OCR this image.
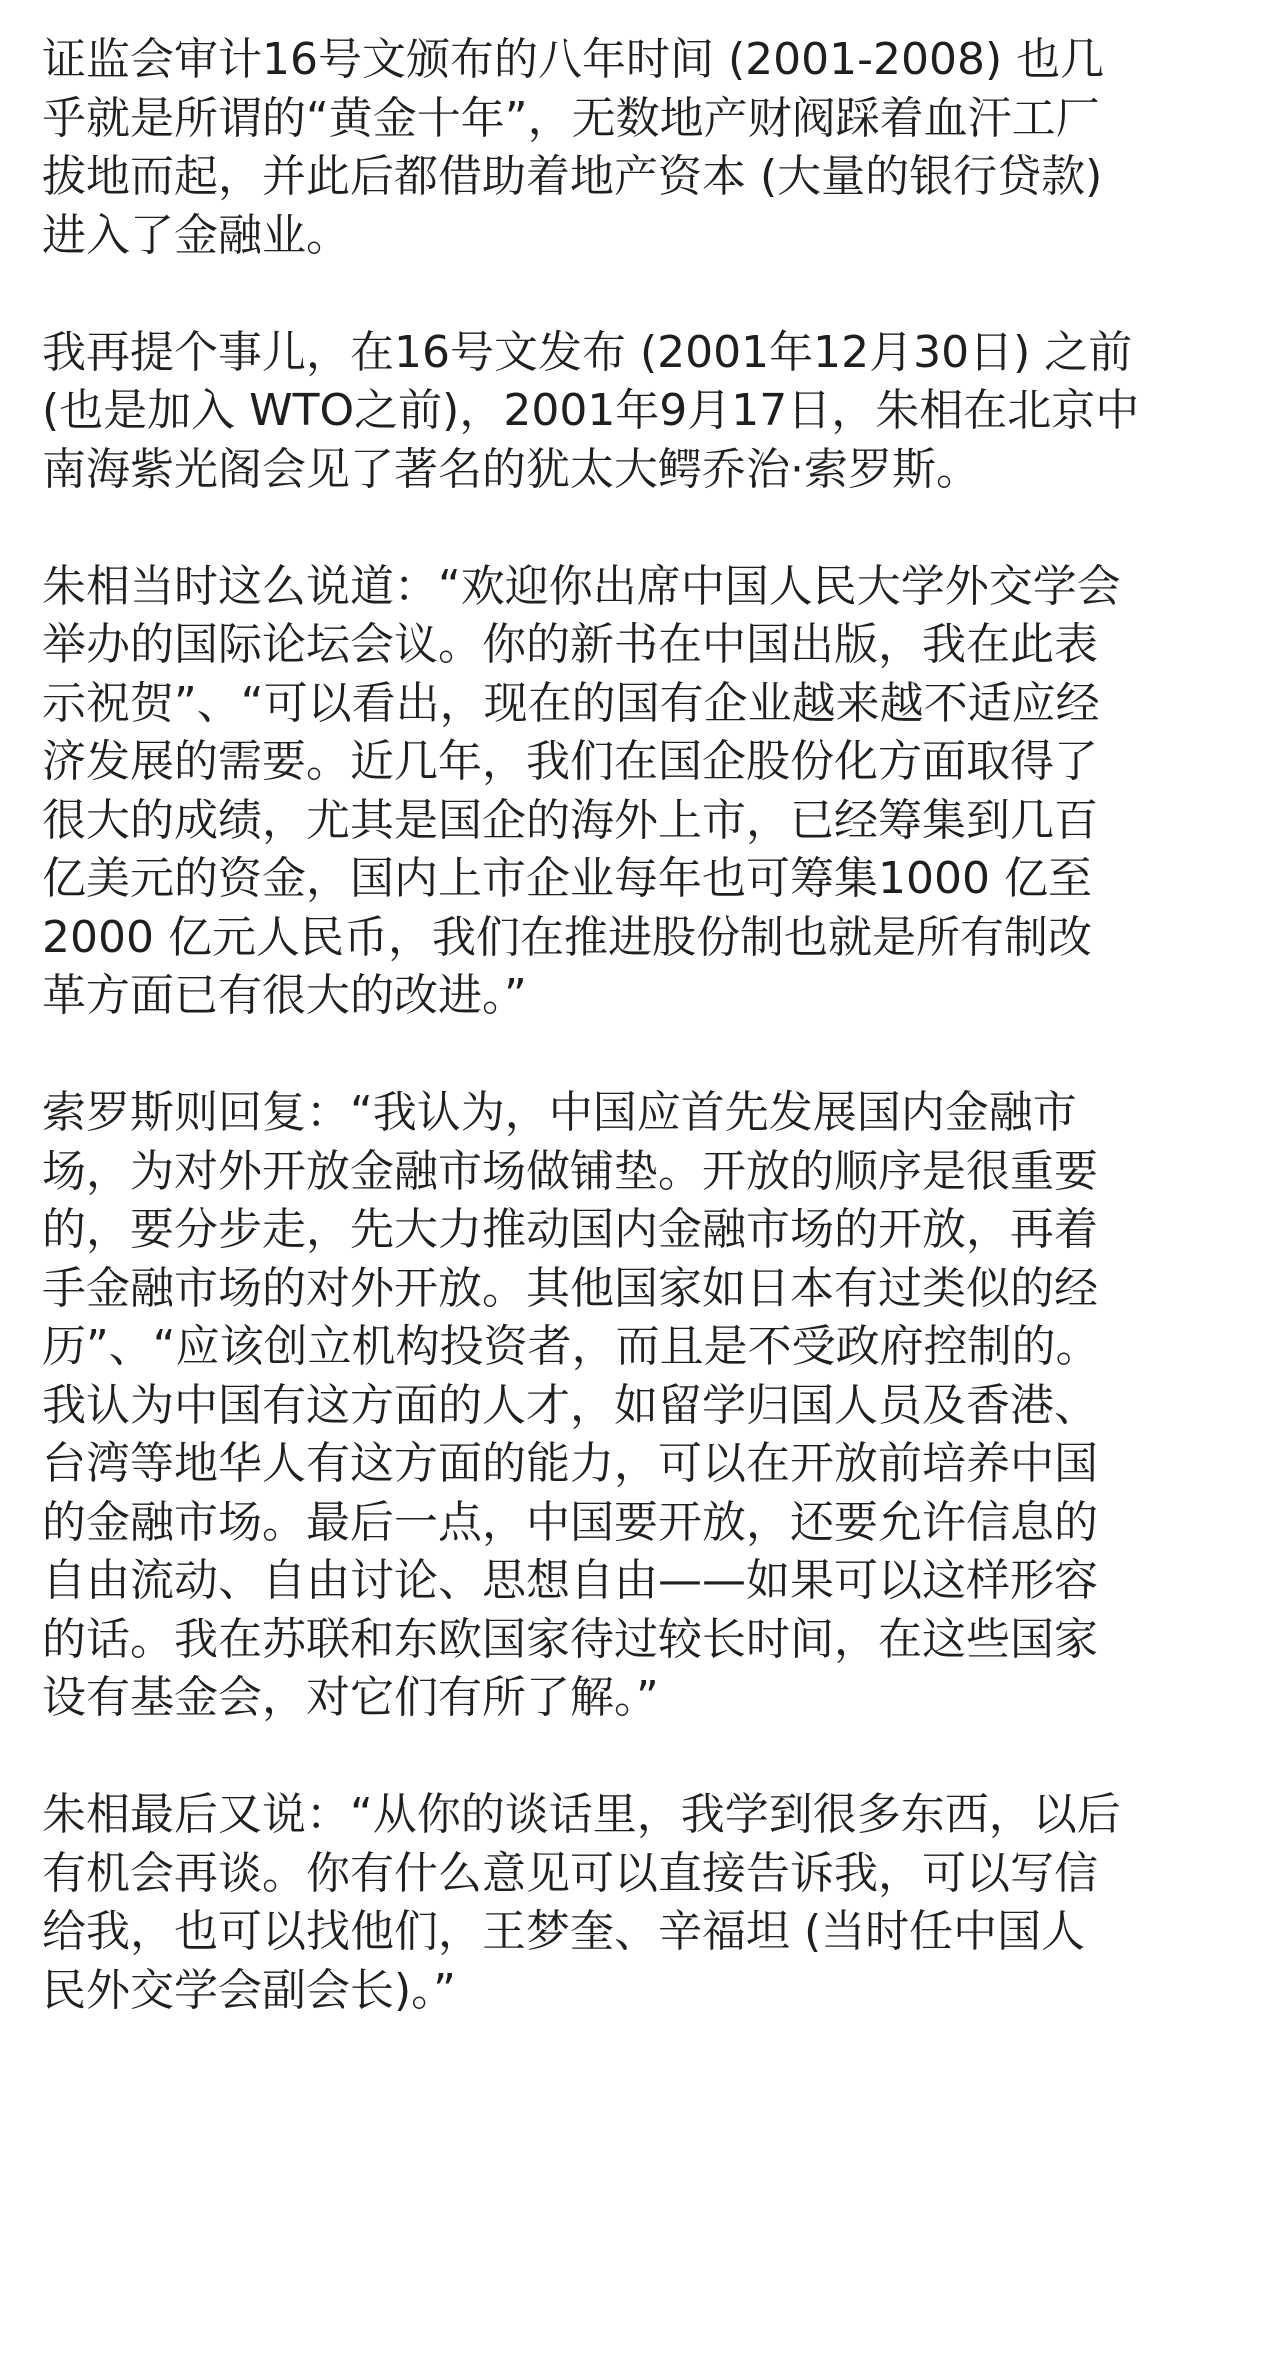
证监会审计16号文颁布的八年时间 (2001-2008) 也几
乎就是所谓的“黄金十年”，无数地产财阀踩着血汗工厂
拔地而起，并此后都借助着地产资本 (大量的银行贷款)
进入了金融业。
我再提个事儿，在16号文发布 (2001年12月30日) 之前
(也是加入 WTO之前)，2001年9月17日，朱相在北京中
南海紫光阁会见了著名的犹太大鳄乔治·索罗斯。
朱相当时这么说道：“欢迎你出席中国人民大学外交学会
举办的国际论坛会议。你的新书在中国出版，我在此表
示祝贺”、“可以看出，现在的国有企业越来越不适应经
济发展的需要。近几年，我们在国企股份化方面取得了
很大的成绩，尤其是国企的海外上市，已经筹集到几百
亿美元的资金，国内上市企业每年也可筹集1000 亿至
2000 亿元人民币，我们在推进股份制也就是所有制改
革方面已有很大的改进。”
索罗斯则回复：“我认为，中国应首先发展国内金融市
场，为对外开放金融市场做铺垫。开放的顺序是很重要
的，要分步走，先大力推动国内金融市场的开放，再着
手金融市场的对外开放。其他国家如日本有过类似的经
历”、“应该创立机构投资者，而且是不受政府控制的。
我认为中国有这方面的人才，如留学归国人员及香港、
台湾等地华人有这方面的能力，可以在开放前培养中国
的金融市场。最后一点，中国要开放，还要允许信息的
自由流动、自由讨论、思想自由——如果可以这样形容
的话。我在苏联和东欧国家待过较长时间，在这些国家
设有基金会，对它们有所了解。”
朱相最后又说：“从你的谈话里，我学到很多东西，以后
有机会再谈。你有什么意见可以直接告诉我，可以写信
给我，也可以找他们，王梦奎、辛福坦 (当时任中国人
民外交学会副会长)。”
